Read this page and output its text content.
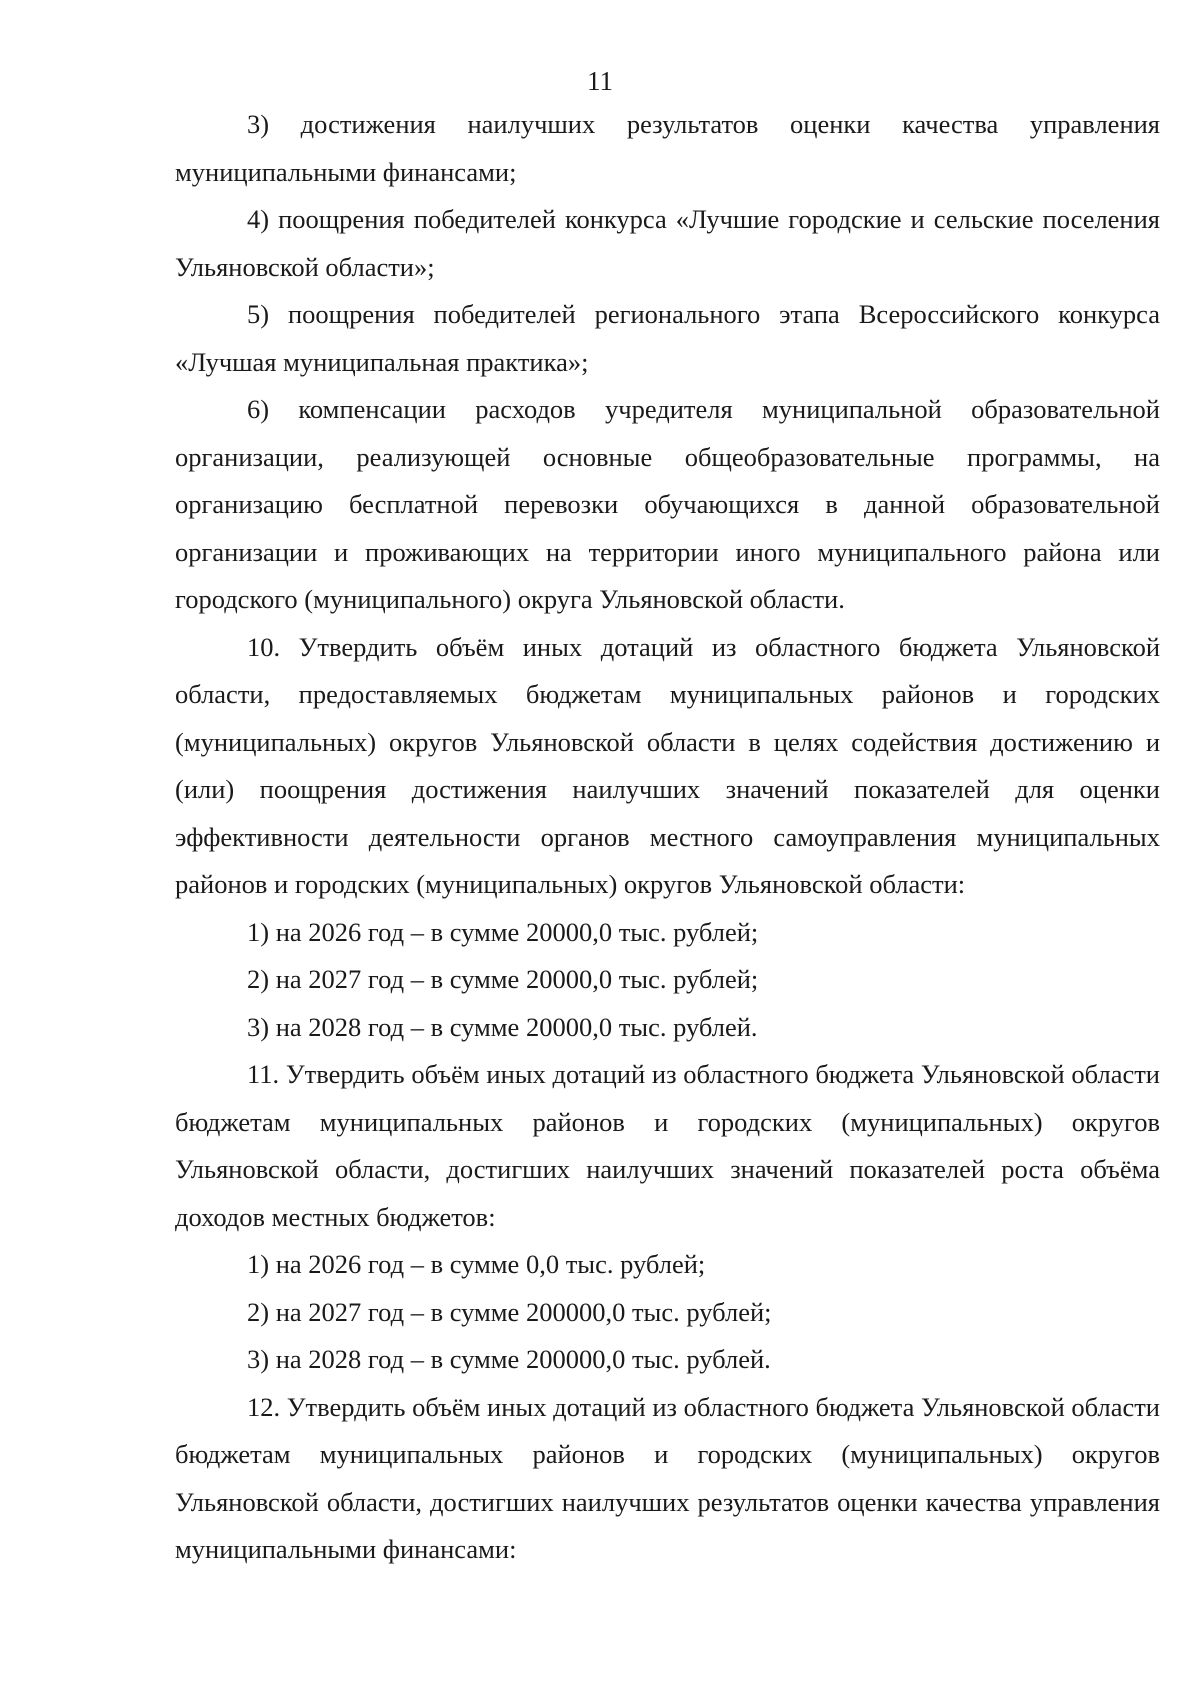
11

3) достижения наилучших результатов оценки качества управления муниципальными финансами;

4) поощрения победителей конкурса «Лучшие городские и сельские поселения Ульяновской области»;

5) поощрения победителей регионального этапа Всероссийского конкурса «Лучшая муниципальная практика»;

6) компенсации расходов учредителя муниципальной образовательной организации, реализующей основные общеобразовательные программы, на организацию бесплатной перевозки обучающихся в данной образовательной организации и проживающих на территории иного муниципального района или городского (муниципального) округа Ульяновской области.

10. Утвердить объём иных дотаций из областного бюджета Ульяновской области, предоставляемых бюджетам муниципальных районов и городских (муниципальных) округов Ульяновской области в целях содействия достижению и (или) поощрения достижения наилучших значений показателей для оценки эффективности деятельности органов местного самоуправления муниципальных районов и городских (муниципальных) округов Ульяновской области:

1) на 2026 год – в сумме 20000,0 тыс. рублей;

2) на 2027 год – в сумме 20000,0 тыс. рублей;

3) на 2028 год – в сумме 20000,0 тыс. рублей.

11. Утвердить объём иных дотаций из областного бюджета Ульяновской области бюджетам муниципальных районов и городских (муниципальных) округов Ульяновской области, достигших наилучших значений показателей роста объёма доходов местных бюджетов:

1) на 2026 год – в сумме 0,0 тыс. рублей;

2) на 2027 год – в сумме 200000,0 тыс. рублей;

3) на 2028 год – в сумме 200000,0 тыс. рублей.

12. Утвердить объём иных дотаций из областного бюджета Ульяновской области бюджетам муниципальных районов и городских (муниципальных) округов Ульяновской области, достигших наилучших результатов оценки качества управления муниципальными финансами:
